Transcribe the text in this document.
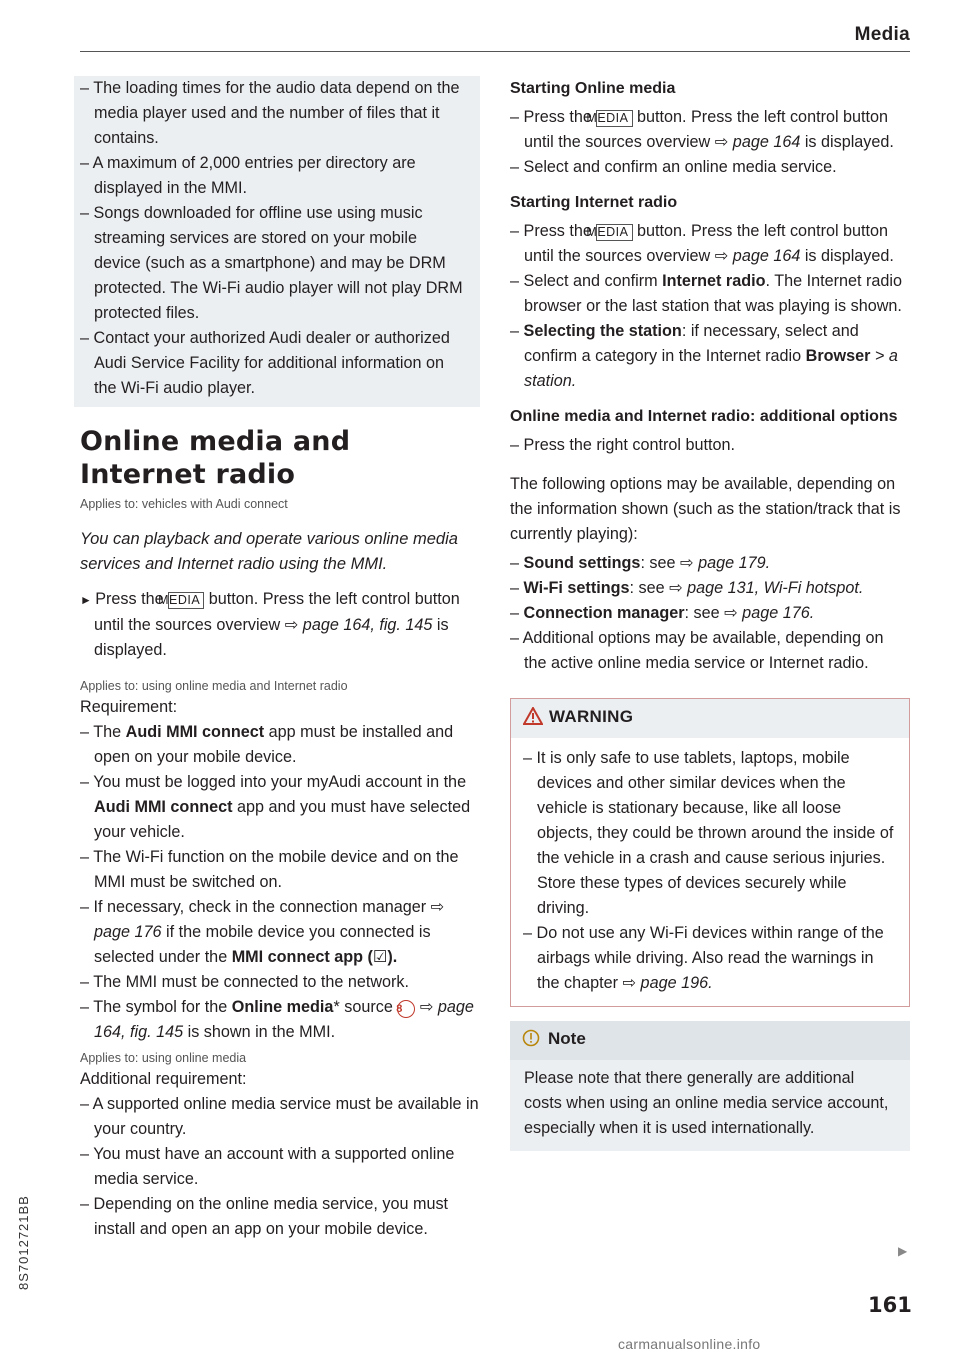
Media

– The loading times for the audio data depend on the media player used and the number of files that it contains.

– A maximum of 2,000 entries per directory are displayed in the MMI.

– Songs downloaded for offline use using music streaming services are stored on your mobile device (such as a smartphone) and may be DRM protected. The Wi-Fi audio player will not play DRM protected files.

– Contact your authorized Audi dealer or authorized Audi Service Facility for additional information on the Wi-Fi audio player.

Online media and Internet radio
Applies to: vehicles with Audi connect
You can playback and operate various online media services and Internet radio using the MMI.

► Press the MEDIA button. Press the left control button until the sources overview ⇨ page 164, fig. 145 is displayed.

Applies to: using online media and Internet radio

Requirement:

– The Audi MMI connect app must be installed and open on your mobile device.

– You must be logged into your myAudi account in the Audi MMI connect app and you must have selected your vehicle.

– The Wi-Fi function on the mobile device and on the MMI must be switched on.

– If necessary, check in the connection manager ⇨ page 176 if the mobile device you connected is selected under the MMI connect app (☑).

– The MMI must be connected to the network.

– The symbol for the Online media* source 8 ⇨ page 164, fig. 145 is shown in the MMI.

Applies to: using online media

Additional requirement:

– A supported online media service must be available in your country.

– You must have an account with a supported online media service.

– Depending on the online media service, you must install and open an app on your mobile device.

Starting Online media

– Press the MEDIA button. Press the left control button until the sources overview ⇨ page 164 is displayed.

– Select and confirm an online media service.

Starting Internet radio

– Press the MEDIA button. Press the left control button until the sources overview ⇨ page 164 is displayed.

– Select and confirm Internet radio. The Internet radio browser or the last station that was playing is shown.

– Selecting the station: if necessary, select and confirm a category in the Internet radio Browser > a station.

Online media and Internet radio: additional options

– Press the right control button.

The following options may be available, depending on the information shown (such as the station/track that is currently playing):

– Sound settings: see ⇨ page 179.

– Wi-Fi settings: see ⇨ page 131, Wi-Fi hotspot.

– Connection manager: see ⇨ page 176.

– Additional options may be available, depending on the active online media service or Internet radio.

WARNING

– It is only safe to use tablets, laptops, mobile devices and other similar devices when the vehicle is stationary because, like all loose objects, they could be thrown around the inside of the vehicle in a crash and cause serious injuries. Store these types of devices securely while driving.

– Do not use any Wi-Fi devices within range of the airbags while driving. Also read the warnings in the chapter ⇨ page 196.

Note

Please note that there generally are additional costs when using an online media service account, especially when it is used internationally.

▶
161
8S7012721BB
carmanualsonline.info
